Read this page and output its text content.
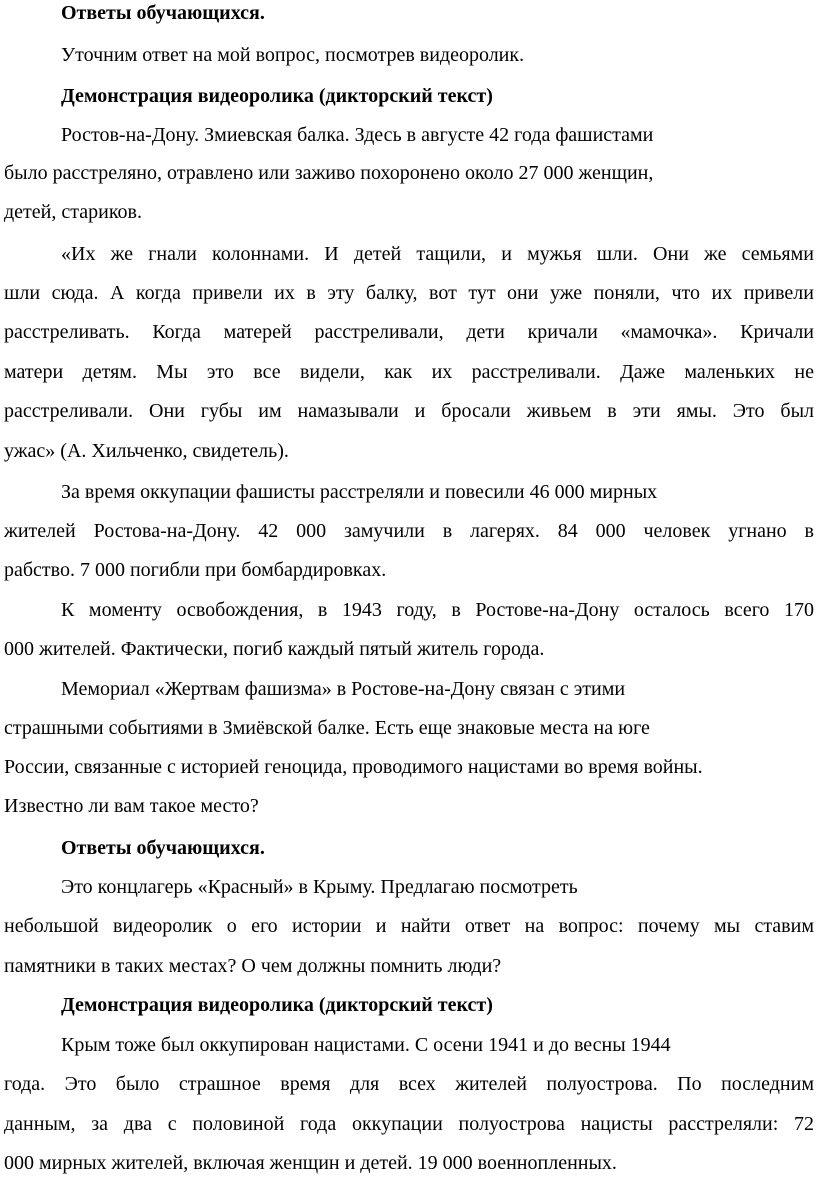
Ответы обучающихся.
Уточним ответ на мой вопрос, посмотрев видеоролик.
Демонстрация видеоролика (дикторский текст)
Ростов-на-Дону. Змиевская балка. Здесь в августе 42 года фашистами
было расстреляно, отравлено или заживо похоронено около 27 000 женщин,
детей, стариков.
«Их же гнали колоннами. И детей тащили, и мужья шли. Они же семьями
шли сюда. А когда привели их в эту балку, вот тут они уже поняли, что их привели
расстреливать. Когда матерей расстреливали, дети кричали «мамочка». Кричали
матери детям. Мы это все видели, как их расстреливали. Даже маленьких не
расстреливали. Они губы им намазывали и бросали живьем в эти ямы. Это был
ужас» (А. Хильченко, свидетель).
За время оккупации фашисты расстреляли и повесили 46 000 мирных
жителей Ростова-на-Дону. 42 000 замучили в лагерях. 84 000 человек угнано в
рабство. 7 000 погибли при бомбардировках.
К моменту освобождения, в 1943 году, в Ростове-на-Дону осталось всего 170
000 жителей. Фактически, погиб каждый пятый житель города.
Мемориал «Жертвам фашизма» в Ростове-на-Дону связан с этими
страшными событиями в Змиёвской балке. Есть еще знаковые места на юге
России, связанные с историей геноцида, проводимого нацистами во время войны.
Известно ли вам такое место?
Ответы обучающихся.
Это концлагерь «Красный» в Крыму. Предлагаю посмотреть
небольшой видеоролик о его истории и найти ответ на вопрос: почему мы ставим
памятники в таких местах? О чем должны помнить люди?
Демонстрация видеоролика (дикторский текст)
Крым тоже был оккупирован нацистами. С осени 1941 и до весны 1944
года. Это было страшное время для всех жителей полуострова. По последним
данным, за два с половиной года оккупации полуострова нацисты расстреляли: 72
000 мирных жителей, включая женщин и детей. 19 000 военнопленных.
